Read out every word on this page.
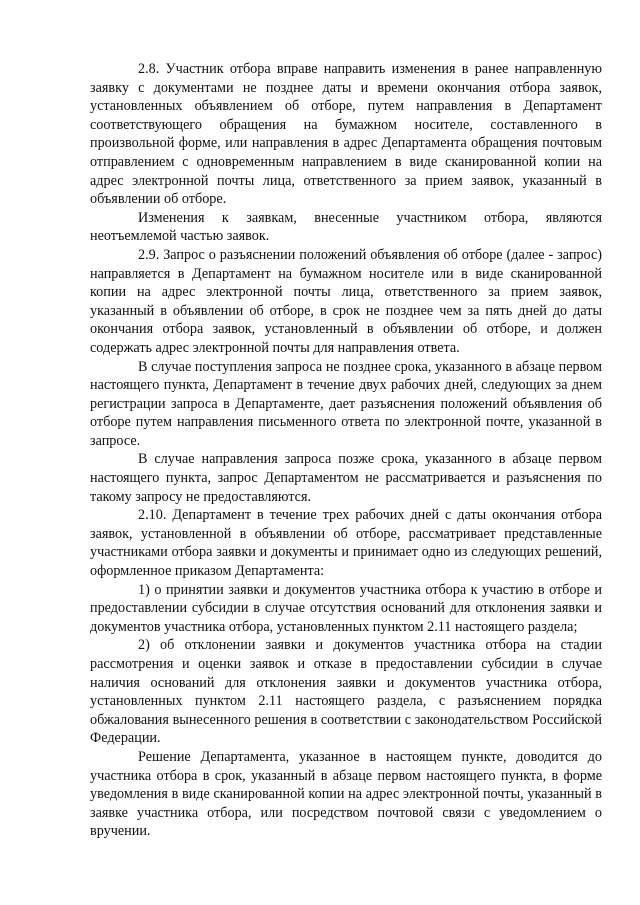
2.8. Участник отбора вправе направить изменения в ранее направленную заявку с документами не позднее даты и времени окончания отбора заявок, установленных объявлением об отборе, путем направления в Департамент соответствующего обращения на бумажном носителе, составленного в произвольной форме, или направления в адрес Департамента обращения почтовым отправлением с одновременным направлением в виде сканированной копии на адрес электронной почты лица, ответственного за прием заявок, указанный в объявлении об отборе.

Изменения к заявкам, внесенные участником отбора, являются неотъемлемой частью заявок.

2.9. Запрос о разъяснении положений объявления об отборе (далее - запрос) направляется в Департамент на бумажном носителе или в виде сканированной копии на адрес электронной почты лица, ответственного за прием заявок, указанный в объявлении об отборе, в срок не позднее чем за пять дней до даты окончания отбора заявок, установленный в объявлении об отборе, и должен содержать адрес электронной почты для направления ответа.

В случае поступления запроса не позднее срока, указанного в абзаце первом настоящего пункта, Департамент в течение двух рабочих дней, следующих за днем регистрации запроса в Департаменте, дает разъяснения положений объявления об отборе путем направления письменного ответа по электронной почте, указанной в запросе.

В случае направления запроса позже срока, указанного в абзаце первом настоящего пункта, запрос Департаментом не рассматривается и разъяснения по такому запросу не предоставляются.

2.10. Департамент в течение трех рабочих дней с даты окончания отбора заявок, установленной в объявлении об отборе, рассматривает представленные участниками отбора заявки и документы и принимает одно из следующих решений, оформленное приказом Департамента:

1) о принятии заявки и документов участника отбора к участию в отборе и предоставлении субсидии в случае отсутствия оснований для отклонения заявки и документов участника отбора, установленных пунктом 2.11 настоящего раздела;

2) об отклонении заявки и документов участника отбора на стадии рассмотрения и оценки заявок и отказе в предоставлении субсидии в случае наличия оснований для отклонения заявки и документов участника отбора, установленных пунктом 2.11 настоящего раздела, с разъяснением порядка обжалования вынесенного решения в соответствии с законодательством Российской Федерации.

Решение Департамента, указанное в настоящем пункте, доводится до участника отбора в срок, указанный в абзаце первом настоящего пункта, в форме уведомления в виде сканированной копии на адрес электронной почты, указанный в заявке участника отбора, или посредством почтовой связи с уведомлением о вручении.
